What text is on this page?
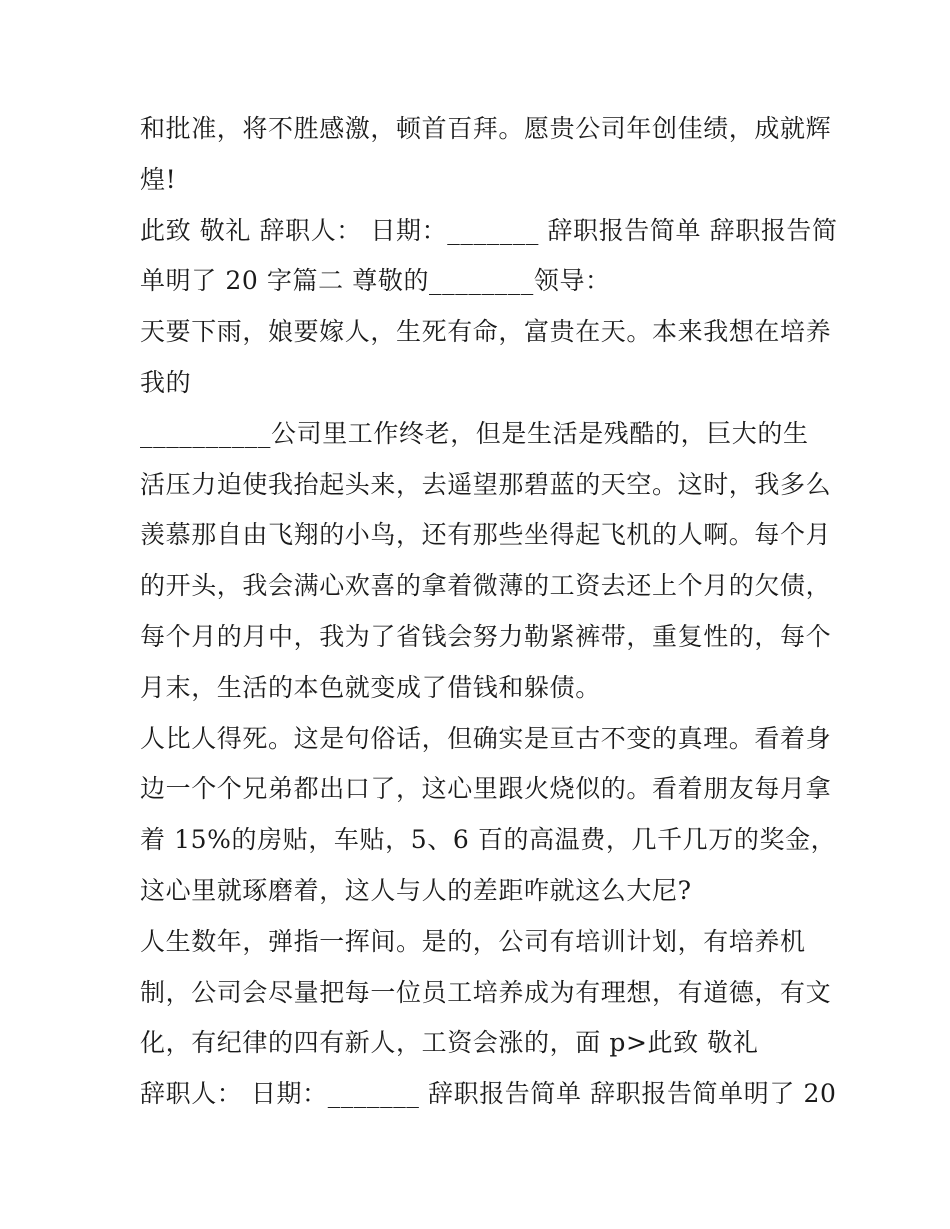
和批准，将不胜感激，顿首百拜。愿贵公司年创佳绩，成就辉
煌!
此致 敬礼 辞职人： 日期：_______ 辞职报告简单 辞职报告简
单明了 20 字篇二 尊敬的________领导：
天要下雨，娘要嫁人，生死有命，富贵在天。本来我想在培养
我的
__________公司里工作终老，但是生活是残酷的，巨大的生
活压力迫使我抬起头来，去遥望那碧蓝的天空。这时，我多么
羡慕那自由飞翔的小鸟，还有那些坐得起飞机的人啊。每个月
的开头，我会满心欢喜的拿着微薄的工资去还上个月的欠债，
每个月的月中，我为了省钱会努力勒紧裤带，重复性的，每个
月末，生活的本色就变成了借钱和躲债。
人比人得死。这是句俗话，但确实是亘古不变的真理。看着身
边一个个兄弟都出口了，这心里跟火烧似的。看着朋友每月拿
着 15%的房贴，车贴，5、6 百的高温费，几千几万的奖金，
这心里就琢磨着，这人与人的差距咋就这么大尼?
人生数年，弹指一挥间。是的，公司有培训计划，有培养机
制，公司会尽量把每一位员工培养成为有理想，有道德，有文
化，有纪律的四有新人，工资会涨的，面 p>此致 敬礼
辞职人： 日期：_______ 辞职报告简单 辞职报告简单明了 20
